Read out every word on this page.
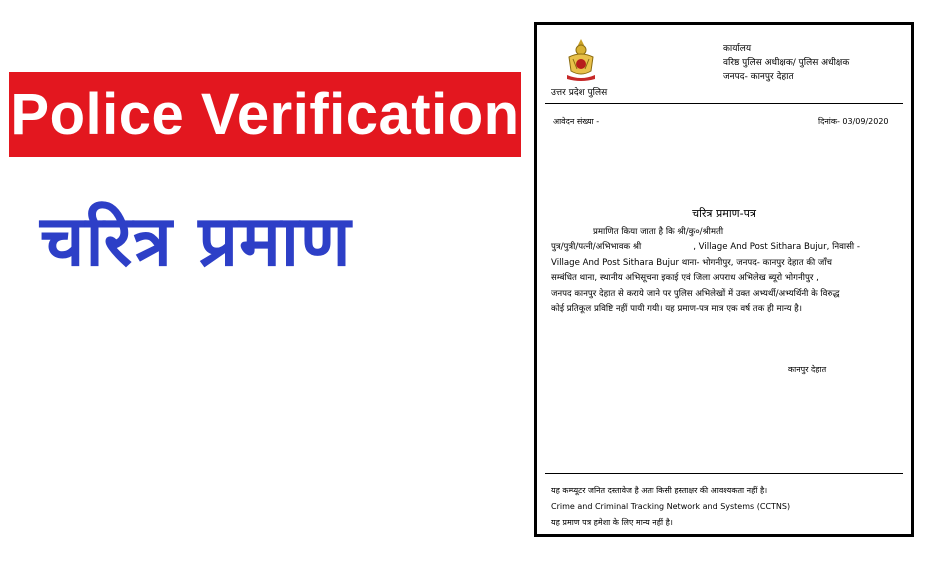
Police Verification
चरित्र प्रमाण
उत्तर प्रदेश पुलिस
कार्यालय
वरिष्ठ पुलिस अधीक्षक/ पुलिस अधीक्षक
जनपद- कानपुर देहात
आवेदन संख्या -	दिनांक- 03/09/2020
चरित्र प्रमाण-पत्र
प्रमाणित किया जाता है कि श्री/कु०/श्रीमती
पुत्र/पुत्री/पत्नी/अभिभावक श्री	, Village And Post Sithara Bujur, निवासी -
Village And Post Sithara Bujur थाना- भोगनीपुर, जनपद- कानपुर देहात की जाँच
सम्बंधित थाना, स्थानीय अभिसूचना इकाई एवं जिला अपराध अभिलेख ब्यूरो भोगनीपुर ,
जनपद कानपुर देहात से कराये जाने पर पुलिस अभिलेखों में उक्त अभ्यर्थी/अभ्यर्थिनी के विरुद्ध
कोई प्रतिकूल प्रविष्टि नहीं पायी गयी। यह प्रमाण-पत्र मात्र एक वर्ष तक ही मान्य है।
कानपुर देहात
यह कम्प्यूटर जनित दस्तावेज है अतः किसी हस्ताक्षर की आवश्यकता नहीं है।
Crime and Criminal Tracking Network and Systems (CCTNS)
यह प्रमाण पत्र हमेशा के लिए मान्य नहीं है।
